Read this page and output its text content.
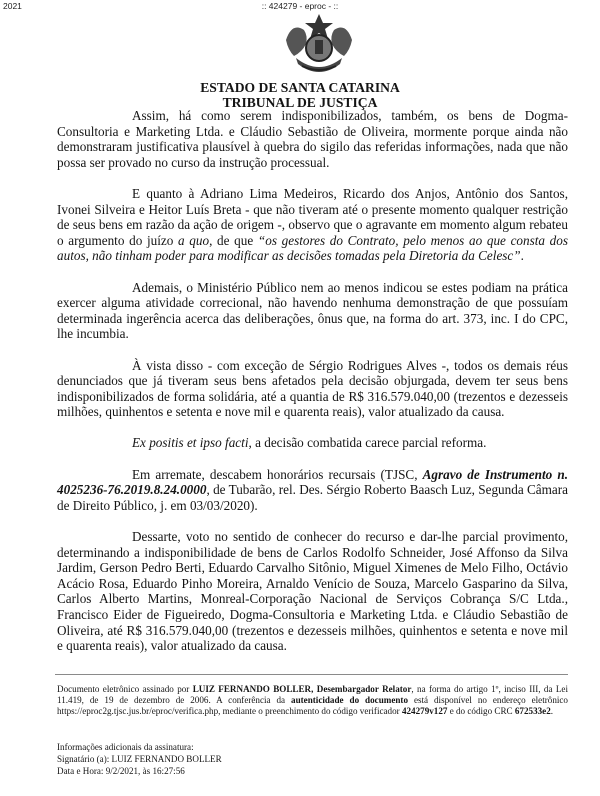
2021	:: 424279 - eproc - ::
ESTADO DE SANTA CATARINA
TRIBUNAL DE JUSTIÇA

Assim, há como serem indisponibilizados, também, os bens de Dogma-Consultoria e Marketing Ltda. e Cláudio Sebastião de Oliveira, mormente porque ainda não demonstraram justificativa plausível à quebra do sigilo das referidas informações, nada que não possa ser provado no curso da instrução processual.

E quanto à Adriano Lima Medeiros, Ricardo dos Anjos, Antônio dos Santos, Ivonei Silveira e Heitor Luís Breta - que não tiveram até o presente momento qualquer restrição de seus bens em razão da ação de origem -, observo que o agravante em momento algum rebateu o argumento do juízo a quo, de que “os gestores do Contrato, pelo menos ao que consta dos autos, não tinham poder para modificar as decisões tomadas pela Diretoria da Celesc”.

Ademais, o Ministério Público nem ao menos indicou se estes podiam na prática exercer alguma atividade correcional, não havendo nenhuma demonstração de que possuíam determinada ingerência acerca das deliberações, ônus que, na forma do art. 373, inc. I do CPC, lhe incumbia.

À vista disso - com exceção de Sérgio Rodrigues Alves -, todos os demais réus denunciados que já tiveram seus bens afetados pela decisão objurgada, devem ter seus bens indisponibilizados de forma solidária, até a quantia de R$ 316.579.040,00 (trezentos e dezesseis milhões, quinhentos e setenta e nove mil e quarenta reais), valor atualizado da causa.

Ex positis et ipso facti, a decisão combatida carece parcial reforma.

Em arremate, descabem honorários recursais (TJSC, Agravo de Instrumento n. 4025236-76.2019.8.24.0000, de Tubarão, rel. Des. Sérgio Roberto Baasch Luz, Segunda Câmara de Direito Público, j. em 03/03/2020).

Dessarte, voto no sentido de conhecer do recurso e dar-lhe parcial provimento, determinando a indisponibilidade de bens de Carlos Rodolfo Schneider, José Affonso da Silva Jardim, Gerson Pedro Berti, Eduardo Carvalho Sitônio, Miguel Ximenes de Melo Filho, Octávio Acácio Rosa, Eduardo Pinho Moreira, Arnaldo Venício de Souza, Marcelo Gasparino da Silva, Carlos Alberto Martins, Monreal-Corporação Nacional de Serviços Cobrança S/C Ltda., Francisco Eider de Figueiredo, Dogma-Consultoria e Marketing Ltda. e Cláudio Sebastião de Oliveira, até R$ 316.579.040,00 (trezentos e dezesseis milhões, quinhentos e setenta e nove mil e quarenta reais), valor atualizado da causa.

Documento eletrônico assinado por LUIZ FERNANDO BOLLER, Desembargador Relator, na forma do artigo 1º, inciso III, da Lei 11.419, de 19 de dezembro de 2006. A conferência da autenticidade do documento está disponível no endereço eletrônico https://eproc2g.tjsc.jus.br/eproc/verifica.php, mediante o preenchimento do código verificador 424279v127 e do código CRC 672533e2.
Informações adicionais da assinatura:
Signatário (a): LUIZ FERNANDO BOLLER
Data e Hora: 9/2/2021, às 16:27:56
